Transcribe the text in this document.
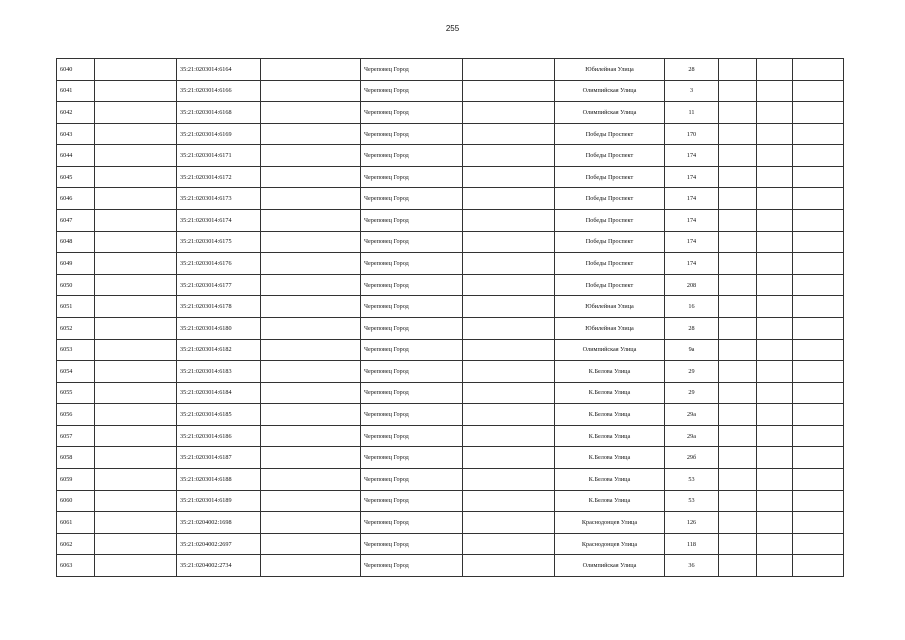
255
6040		35:21:0203014:6164		Череповец Город		Юбилейная Улица	28			
6041		35:21:0203014:6166		Череповец Город		Олимпийская Улица	3			
6042		35:21:0203014:6168		Череповец Город		Олимпийская Улица	11			
6043		35:21:0203014:6169		Череповец Город		Победы Проспект	170			
6044		35:21:0203014:6171		Череповец Город		Победы Проспект	174			
6045		35:21:0203014:6172		Череповец Город		Победы Проспект	174			
6046		35:21:0203014:6173		Череповец Город		Победы Проспект	174			
6047		35:21:0203014:6174		Череповец Город		Победы Проспект	174			
6048		35:21:0203014:6175		Череповец Город		Победы Проспект	174			
6049		35:21:0203014:6176		Череповец Город		Победы Проспект	174			
6050		35:21:0203014:6177		Череповец Город		Победы Проспект	208			
6051		35:21:0203014:6178		Череповец Город		Юбилейная Улица	16			
6052		35:21:0203014:6180		Череповец Город		Юбилейная Улица	28			
6053		35:21:0203014:6182		Череповец Город		Олимпийская Улица	9а			
6054		35:21:0203014:6183		Череповец Город		К.Белова Улица	29			
6055		35:21:0203014:6184		Череповец Город		К.Белова Улица	29			
6056		35:21:0203014:6185		Череповец Город		К.Белова Улица	29а			
6057		35:21:0203014:6186		Череповец Город		К.Белова Улица	29а			
6058		35:21:0203014:6187		Череповец Город		К.Белова Улица	29б			
6059		35:21:0203014:6188		Череповец Город		К.Белова Улица	53			
6060		35:21:0203014:6189		Череповец Город		К.Белова Улица	53			
6061		35:21:0204002:1698		Череповец Город		Краснодонцев Улица	126			
6062		35:21:0204002:2697		Череповец Город		Краснодонцев Улица	118			
6063		35:21:0204002:2734		Череповец Город		Олимпийская Улица	36			
